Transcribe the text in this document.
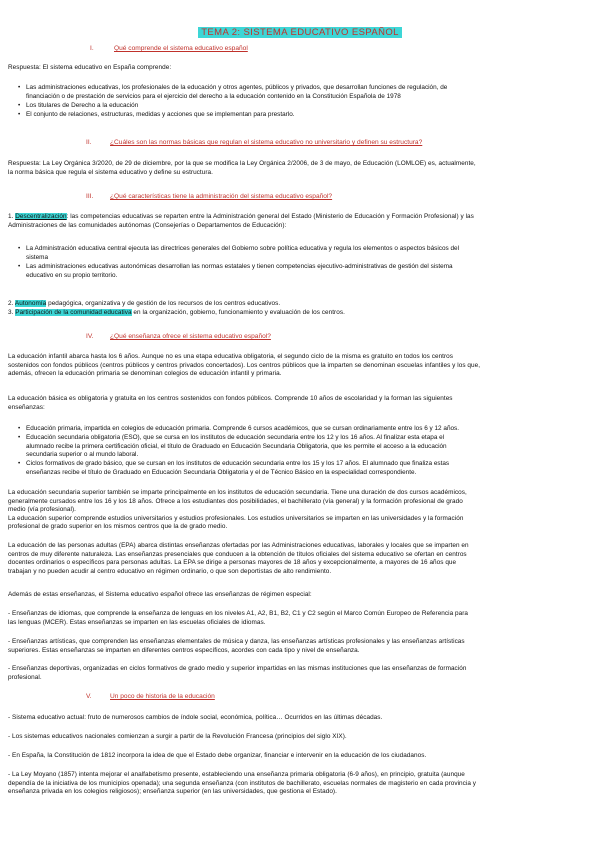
TEMA 2: SISTEMA EDUCATIVO ESPAÑOL
I.	Qué comprende el sistema educativo español
Respuesta: El sistema educativo en España comprende:
• Las administraciones educativas, los profesionales de la educación y otros agentes, públicos y privados, que desarrollan funciones de regulación, de
financiación o de prestación de servicios para el ejercicio del derecho a la educación contenido en la Constitución Española de 1978
• Los titulares de Derecho a la educación
• El conjunto de relaciones, estructuras, medidas y acciones que se implementan para prestarlo.
II.	¿Cuáles son las normas básicas que regulan el sistema educativo no universitario y definen su estructura?
Respuesta: La Ley Orgánica 3/2020, de 29 de diciembre, por la que se modifica la Ley Orgánica 2/2006, de 3 de mayo, de Educación (LOMLOE) es, actualmente,
la norma básica que regula el sistema educativo y define su estructura.
III.	¿Qué características tiene la administración del sistema educativo español?
1. Descentralización: las competencias educativas se reparten entre la Administración general del Estado (Ministerio de Educación y Formación Profesional) y las
Administraciones de las comunidades autónomas (Consejerías o Departamentos de Educación):
• La Administración educativa central ejecuta las directrices generales del Gobierno sobre política educativa y regula los elementos o aspectos básicos del
sistema
• Las administraciones educativas autonómicas desarrollan las normas estatales y tienen competencias ejecutivo-administrativas de gestión del sistema
educativo en su propio territorio.
2. Autonomía pedagógica, organizativa y de gestión de los recursos de los centros educativos.
3. Participación de la comunidad educativa en la organización, gobierno, funcionamiento y evaluación de los centros.
IV.	¿Qué enseñanza ofrece el sistema educativo español?
La educación infantil abarca hasta los 6 años. Aunque no es una etapa educativa obligatoria, el segundo ciclo de la misma es gratuito en todos los centros
sostenidos con fondos públicos (centros públicos y centros privados concertados). Los centros públicos que la imparten se denominan escuelas infantiles y los que,
además, ofrecen la educación primaria se denominan colegios de educación infantil y primaria.
La educación básica es obligatoria y gratuita en los centros sostenidos con fondos públicos. Comprende 10 años de escolaridad y la forman las siguientes
enseñanzas:
• Educación primaria, impartida en colegios de educación primaria. Comprende 6 cursos académicos, que se cursan ordinariamente entre los 6 y 12 años.
• Educación secundaria obligatoria (ESO), que se cursa en los institutos de educación secundaria entre los 12 y los 16 años. Al finalizar esta etapa el
alumnado recibe la primera certificación oficial, el título de Graduado en Educación Secundaria Obligatoria, que les permite el acceso a la educación
secundaria superior o al mundo laboral.
• Ciclos formativos de grado básico, que se cursan en los institutos de educación secundaria entre los 15 y los 17 años. El alumnado que finaliza estas
enseñanzas recibe el título de Graduado en Educación Secundaria Obligatoria y el de Técnico Básico en la especialidad correspondiente.
La educación secundaria superior también se imparte principalmente en los institutos de educación secundaria. Tiene una duración de dos cursos académicos,
generalmente cursados entre los 16 y los 18 años. Ofrece a los estudiantes dos posibilidades, el bachillerato (vía general) y la formación profesional de grado
medio (vía profesional).
La educación superior comprende estudios universitarios y estudios profesionales. Los estudios universitarios se imparten en las universidades y la formación
profesional de grado superior en los mismos centros que la de grado medio.
La educación de las personas adultas (EPA) abarca distintas enseñanzas ofertadas por las Administraciones educativas, laborales y locales que se imparten en
centros de muy diferente naturaleza. Las enseñanzas presenciales que conducen a la obtención de títulos oficiales del sistema educativo se ofertan en centros
docentes ordinarios o específicos para personas adultas. La EPA se dirige a personas mayores de 18 años y excepcionalmente, a mayores de 16 años que
trabajan y no pueden acudir al centro educativo en régimen ordinario, o que son deportistas de alto rendimiento.
Además de estas enseñanzas, el Sistema educativo español ofrece las enseñanzas de régimen especial:
- Enseñanzas de idiomas, que comprende la enseñanza de lenguas en los niveles A1, A2, B1, B2, C1 y C2 según el Marco Común Europeo de Referencia para
las lenguas (MCER). Estas enseñanzas se imparten en las escuelas oficiales de idiomas.
- Enseñanzas artísticas, que comprenden las enseñanzas elementales de música y danza, las enseñanzas artísticas profesionales y las enseñanzas artísticas
superiores. Estas enseñanzas se imparten en diferentes centros específicos, acordes con cada tipo y nivel de enseñanza.
- Enseñanzas deportivas, organizadas en ciclos formativos de grado medio y superior impartidas en las mismas instituciones que las enseñanzas de formación
profesional.
V.	Un poco de historia de la educación
- Sistema educativo actual: fruto de numerosos cambios de índole social, económica, política… Ocurridos en las últimas décadas.
- Los sistemas educativos nacionales comienzan a surgir a partir de la Revolución Francesa (principios del siglo XIX).
- En España, la Constitución de 1812 incorpora la idea de que el Estado debe organizar, financiar e intervenir en la educación de los ciudadanos.
- La Ley Moyano (1857) intenta mejorar el analfabetismo presente, estableciendo una enseñanza primaria obligatoria (6-9 años), en principio, gratuita (aunque
dependía de la iniciativa de los municipios openada); una segunda enseñanza (con institutos de bachillerato, escuelas normales de magisterio en cada provincia y
enseñanza privada en los colegios religiosos); enseñanza superior (en las universidades, que gestiona el Estado).
